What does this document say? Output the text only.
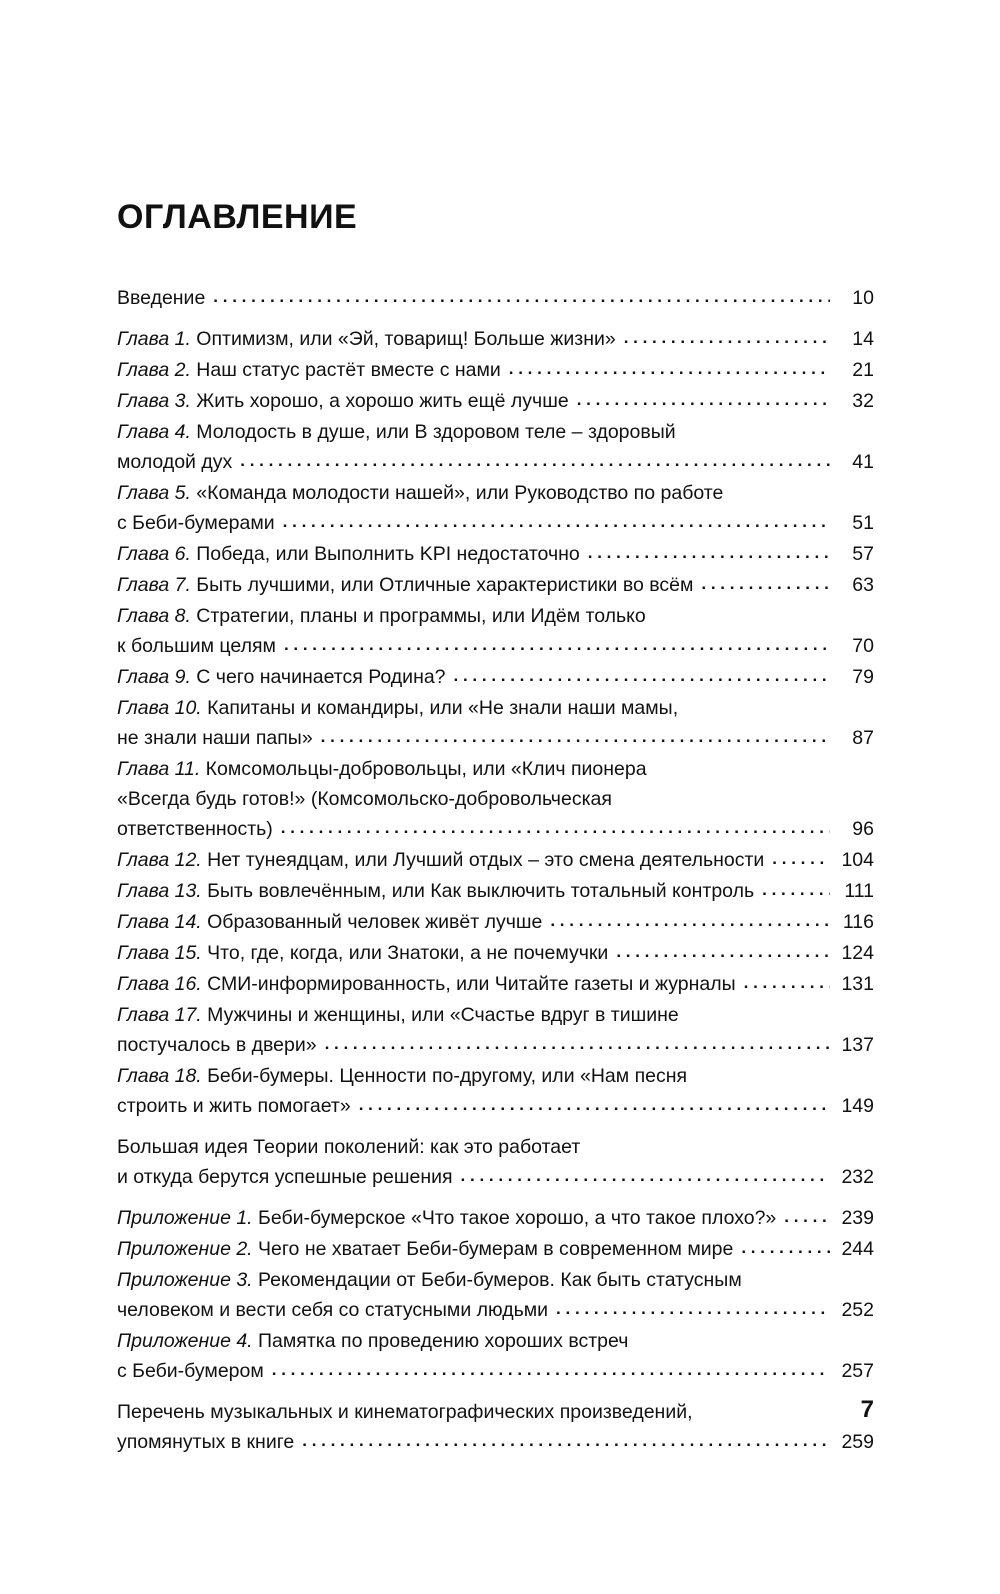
ОГЛАВЛЕНИЕ
Введение . . .	10
Глава 1. Оптимизм, или «Эй, товарищ! Больше жизни» . . .	14
Глава 2. Наш статус растёт вместе с нами . . .	21
Глава 3. Жить хорошо, а хорошо жить ещё лучше . . .	32
Глава 4. Молодость в душе, или В здоровом теле – здоровый
молодой дух . . .	41
Глава 5. «Команда молодости нашей», или Руководство по работе
с Беби-бумерами . . .	51
Глава 6. Победа, или Выполнить KPI недостаточно . . .	57
Глава 7. Быть лучшими, или Отличные характеристики во всём . . .	63
Глава 8. Стратегии, планы и программы, или Идём только
к большим целям . . .	70
Глава 9. С чего начинается Родина? . . .	79
Глава 10. Капитаны и командиры, или «Не знали наши мамы,
не знали наши папы» . . .	87
Глава 11. Комсомольцы-добровольцы, или «Клич пионера
«Всегда будь готов!» (Комсомольско-добровольческая
ответственность) . . .	96
Глава 12. Нет тунеядцам, или Лучший отдых – это смена деятельности . . .	104
Глава 13. Быть вовлечённым, или Как выключить тотальный контроль . . .	111
Глава 14. Образованный человек живёт лучше . . .	116
Глава 15. Что, где, когда, или Знатоки, а не почемучки . . .	124
Глава 16. СМИ-информированность, или Читайте газеты и журналы . . .	131
Глава 17. Мужчины и женщины, или «Счастье вдруг в тишине
постучалось в двери» . . .	137
Глава 18. Беби-бумеры. Ценности по-другому, или «Нам песня
строить и жить помогает» . . .	149
Большая идея Теории поколений: как это работает
и откуда берутся успешные решения . . .	232
Приложение 1. Беби-бумерское «Что такое хорошо, а что такое плохо?» . . .	239
Приложение 2. Чего не хватает Беби-бумерам в современном мире . . .	244
Приложение 3. Рекомендации от Беби-бумеров. Как быть статусным
человеком и вести себя со статусными людьми . . .	252
Приложение 4. Памятка по проведению хороших встреч
с Беби-бумером . . .	257
Перечень музыкальных и кинематографических произведений,
упомянутых в книге . . .	259
7
